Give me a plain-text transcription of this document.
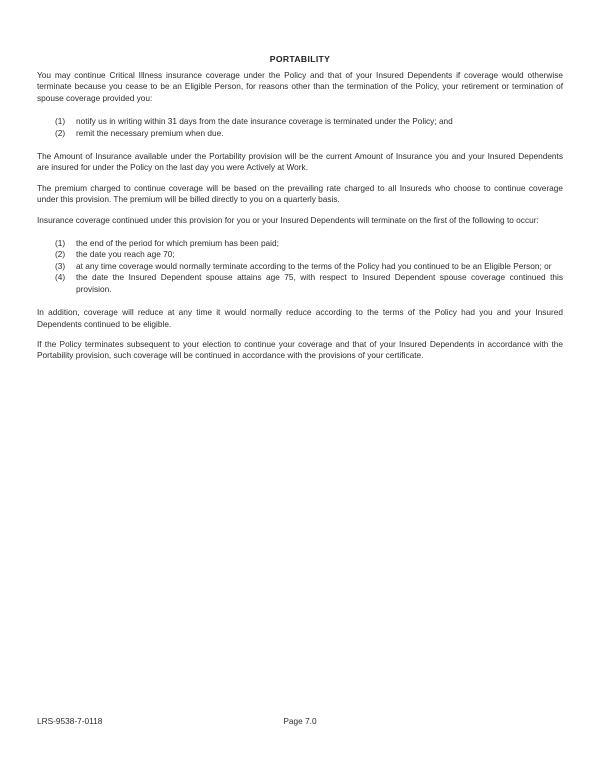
PORTABILITY

You may continue Critical Illness insurance coverage under the Policy and that of your Insured Dependents if coverage would otherwise terminate because you cease to be an Eligible Person, for reasons other than the termination of the Policy, your retirement or termination of spouse coverage provided you:

(1)	notify us in writing within 31 days from the date insurance coverage is terminated under the Policy; and
(2)	remit the necessary premium when due.

The Amount of Insurance available under the Portability provision will be the current Amount of Insurance you and your Insured Dependents are insured for under the Policy on the last day you were Actively at Work.

The premium charged to continue coverage will be based on the prevailing rate charged to all Insureds who choose to continue coverage under this provision. The premium will be billed directly to you on a quarterly basis.

Insurance coverage continued under this provision for you or your Insured Dependents will terminate on the first of the following to occur:

(1)	the end of the period for which premium has been paid;
(2)	the date you reach age 70;
(3)	at any time coverage would normally terminate according to the terms of the Policy had you continued to be an Eligible Person; or
(4)	the date the Insured Dependent spouse attains age 75, with respect to Insured Dependent spouse coverage continued this provision.

In addition, coverage will reduce at any time it would normally reduce according to the terms of the Policy had you and your Insured Dependents continued to be eligible.

If the Policy terminates subsequent to your election to continue your coverage and that of your Insured Dependents in accordance with the Portability provision, such coverage will be continued in accordance with the provisions of your certificate.

LRS-9538-7-0118	Page 7.0
